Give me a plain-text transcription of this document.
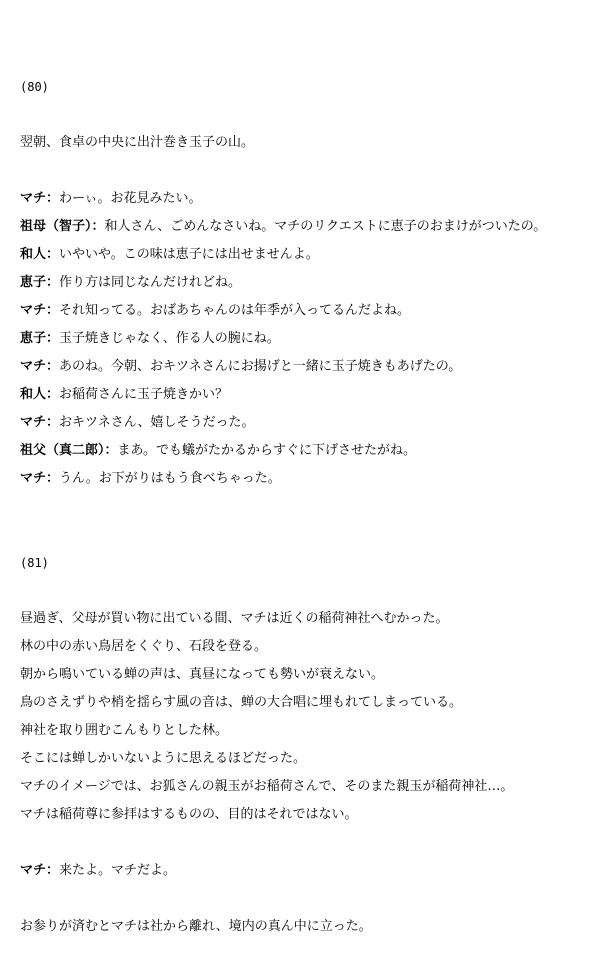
(80)
翌朝、食卓の中央に出汁巻き玉子の山。
マチ：わーぃ。お花見みたい。
祖母（智子）：和人さん、ごめんなさいね。マチのリクエストに恵子のおまけがついたの。
和人：いやいや。この味は恵子には出せませんよ。
恵子：作り方は同じなんだけれどね。
マチ：それ知ってる。おばあちゃんのは年季が入ってるんだよね。
恵子：玉子焼きじゃなく、作る人の腕にね。
マチ：あのね。今朝、おキツネさんにお揚げと一緒に玉子焼きもあげたの。
和人：お稲荷さんに玉子焼きかい？
マチ：おキツネさん、嬉しそうだった。
祖父（真二郎）：まあ。でも蟻がたかるからすぐに下げさせたがね。
マチ：うん。お下がりはもう食べちゃった。
(81)
昼過ぎ、父母が買い物に出ている間、マチは近くの稲荷神社へむかった。
林の中の赤い鳥居をくぐり、石段を登る。
朝から鳴いている蝉の声は、真昼になっても勢いが衰えない。
鳥のさえずりや梢を揺らす風の音は、蝉の大合唱に埋もれてしまっている。
神社を取り囲むこんもりとした林。
そこには蝉しかいないように思えるほどだった。
マチのイメージでは、お狐さんの親玉がお稲荷さんで、そのまた親玉が稲荷神社…。
マチは稲荷尊に参拝はするものの、目的はそれではない。
マチ：来たよ。マチだよ。
お参りが済むとマチは社から離れ、境内の真ん中に立った。
